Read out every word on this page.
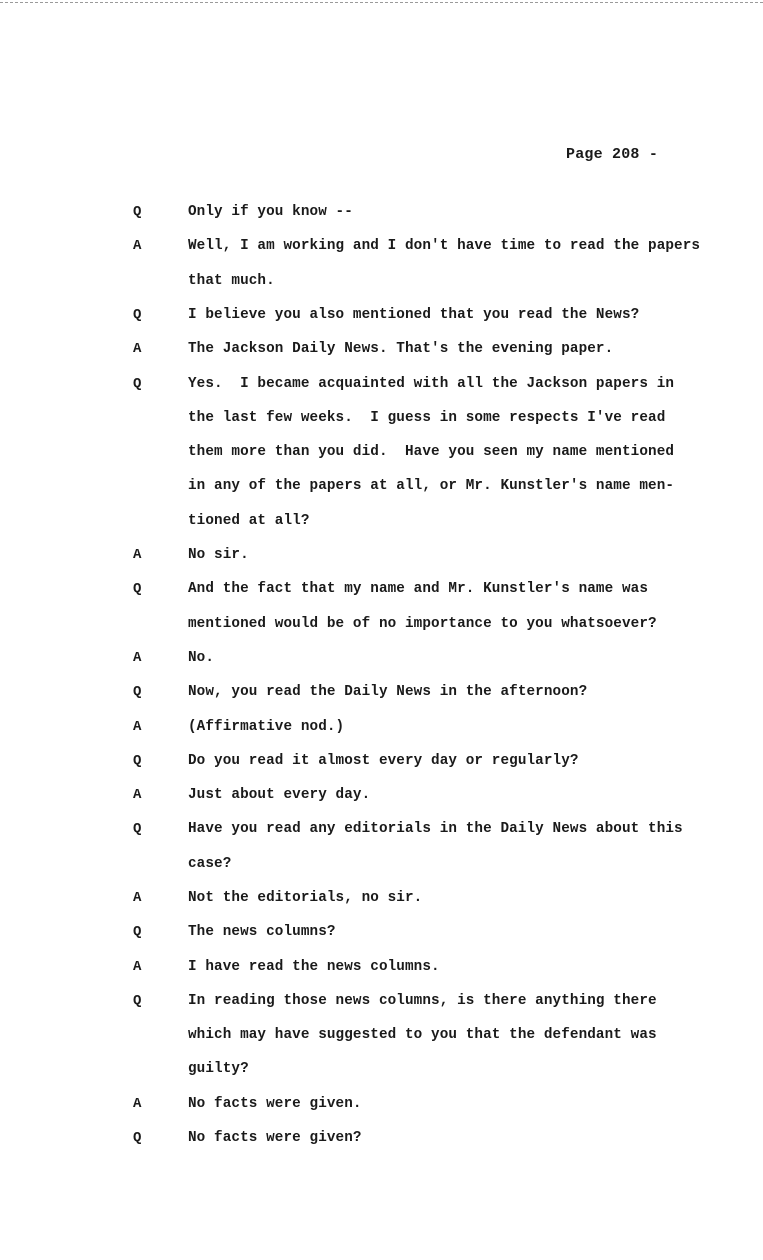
Page 208 -
Q	Only if you know --
A	Well, I am working and I don't have time to read the papers
that much.
Q	I believe you also mentioned that you read the News?
A	The Jackson Daily News. That's the evening paper.
Q	Yes.  I became acquainted with all the Jackson papers in
the last few weeks.  I guess in some respects I've read
them more than you did.  Have you seen my name mentioned
in any of the papers at all, or Mr. Kunstler's name men-
tioned at all?
A	No sir.
Q	And the fact that my name and Mr. Kunstler's name was
mentioned would be of no importance to you whatsoever?
A	No.
Q	Now, you read the Daily News in the afternoon?
A	(Affirmative nod.)
Q	Do you read it almost every day or regularly?
A	Just about every day.
Q	Have you read any editorials in the Daily News about this
case?
A	Not the editorials, no sir.
Q	The news columns?
A	I have read the news columns.
Q	In reading those news columns, is there anything there
which may have suggested to you that the defendant was
guilty?
A	No facts were given.
Q	No facts were given?
